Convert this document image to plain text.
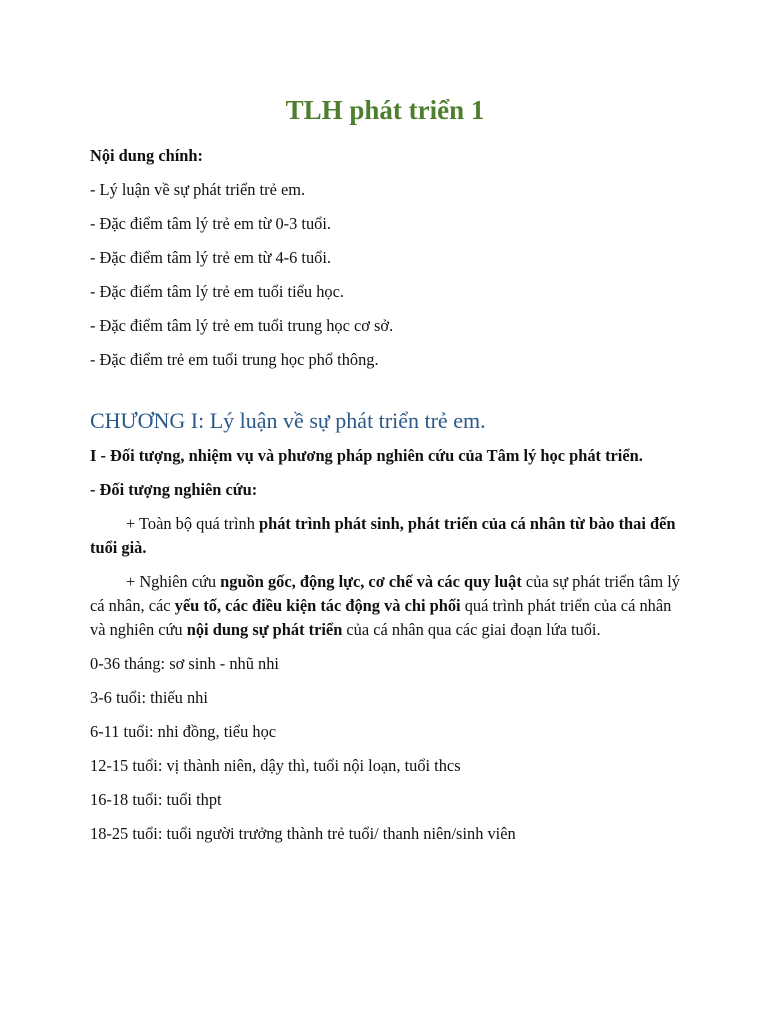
TLH phát triển 1

Nội dung chính:

- Lý luận về sự phát triển trẻ em.

- Đặc điểm tâm lý trẻ em từ 0-3 tuổi.

- Đặc điểm tâm lý trẻ em từ 4-6 tuổi.

- Đặc điểm tâm lý trẻ em tuổi tiểu học.

- Đặc điểm tâm lý trẻ em tuổi trung học cơ sở.

- Đặc điểm trẻ em tuổi trung học phổ thông.

CHƯƠNG I: Lý luận về sự phát triển trẻ em.

I - Đối tượng, nhiệm vụ và phương pháp nghiên cứu của Tâm lý học phát triển.

- Đối tượng nghiên cứu:

+ Toàn bộ quá trình phát trình phát sinh, phát triển của cá nhân từ bào thai đến tuổi già.

+ Nghiên cứu nguồn gốc, động lực, cơ chế và các quy luật của sự phát triển tâm lý cá nhân, các yếu tố, các điều kiện tác động và chi phối quá trình phát triển của cá nhân và nghiên cứu nội dung sự phát triển của cá nhân qua các giai đoạn lứa tuổi.

0-36 tháng: sơ sinh - nhũ nhi

3-6 tuổi: thiếu nhi

6-11 tuổi: nhi đồng, tiểu học

12-15 tuổi: vị thành niên, dậy thì, tuổi nội loạn, tuổi thcs

16-18 tuổi: tuổi thpt

18-25 tuổi: tuổi người trưởng thành trẻ tuổi/ thanh niên/sinh viên
